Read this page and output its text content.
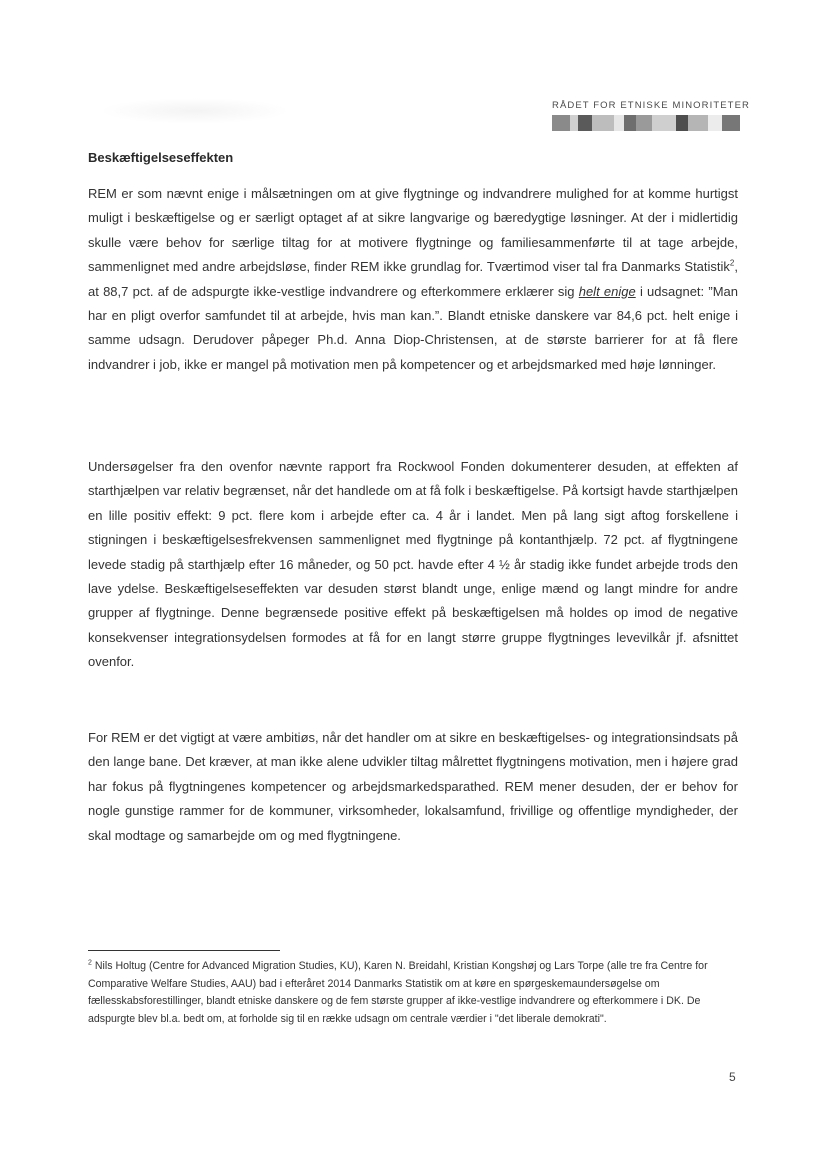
RÅDET FOR ETNISKE MINORITETER
Beskæftigelseseffekten

REM er som nævnt enige i målsætningen om at give flygtninge og indvandrere mulighed for at komme hurtigst muligt i beskæftigelse og er særligt optaget af at sikre langvarige og bæredygtige løsninger. At der i midlertidig skulle være behov for særlige tiltag for at motivere flygtninge og familiesammenførte til at tage arbejde, sammenlignet med andre arbejdsløse, finder REM ikke grundlag for. Tværtimod viser tal fra Danmarks Statistik$^2$, at 88,7 pct. af de adspurgte ikke-vestlige indvandrere og efterkommere erklærer sig helt enige i udsagnet: ”Man har en pligt overfor samfundet til at arbejde, hvis man kan.”. Blandt etniske danskere var 84,6 pct. helt enige i samme udsagn. Derudover påpeger Ph.d. Anna Diop-Christensen, at de største barrierer for at få flere indvandrer i job, ikke er mangel på motivation men på kompetencer og et arbejdsmarked med høje lønninger.

Undersøgelser fra den ovenfor nævnte rapport fra Rockwool Fonden dokumenterer desuden, at effekten af starthjælpen var relativ begrænset, når det handlede om at få folk i beskæftigelse. På kortsigt havde starthjælpen en lille positiv effekt: 9 pct. flere kom i arbejde efter ca. 4 år i landet. Men på lang sigt aftog forskellene i stigningen i beskæftigelsesfrekvensen sammenlignet med flygtninge på kontanthjælp. 72 pct. af flygtningene levede stadig på starthjælp efter 16 måneder, og 50 pct. havde efter 4 ½ år stadig ikke fundet arbejde trods den lave ydelse. Beskæftigelseseffekten var desuden størst blandt unge, enlige mænd og langt mindre for andre grupper af flygtninge. Denne begrænsede positive effekt på beskæftigelsen må holdes op imod de negative konsekvenser integrationsydelsen formodes at få for en langt større gruppe flygtninges levevilkår jf. afsnittet ovenfor.

For REM er det vigtigt at være ambitiøs, når det handler om at sikre en beskæftigelses- og integrationsindsats på den lange bane. Det kræver, at man ikke alene udvikler tiltag målrettet flygtningens motivation, men i højere grad har fokus på flygtningenes kompetencer og arbejdsmarkedsparathed. REM mener desuden, der er behov for nogle gunstige rammer for de kommuner, virksomheder, lokalsamfund, frivillige og offentlige myndigheder, der skal modtage og samarbejde om og med flygtningene.

$^2$ Nils Holtug (Centre for Advanced Migration Studies, KU), Karen N. Breidahl, Kristian Kongshøj og Lars Torpe (alle tre fra Centre for Comparative Welfare Studies, AAU) bad i efteråret 2014 Danmarks Statistik om at køre en spørgeskemaundersøgelse om fællesskabsforestillinger, blandt etniske danskere og de fem største grupper af ikke-vestlige indvandrere og efterkommere i DK. De adspurgte blev bl.a. bedt om, at forholde sig til en række udsagn om centrale værdier i "det liberale demokrati".

5
